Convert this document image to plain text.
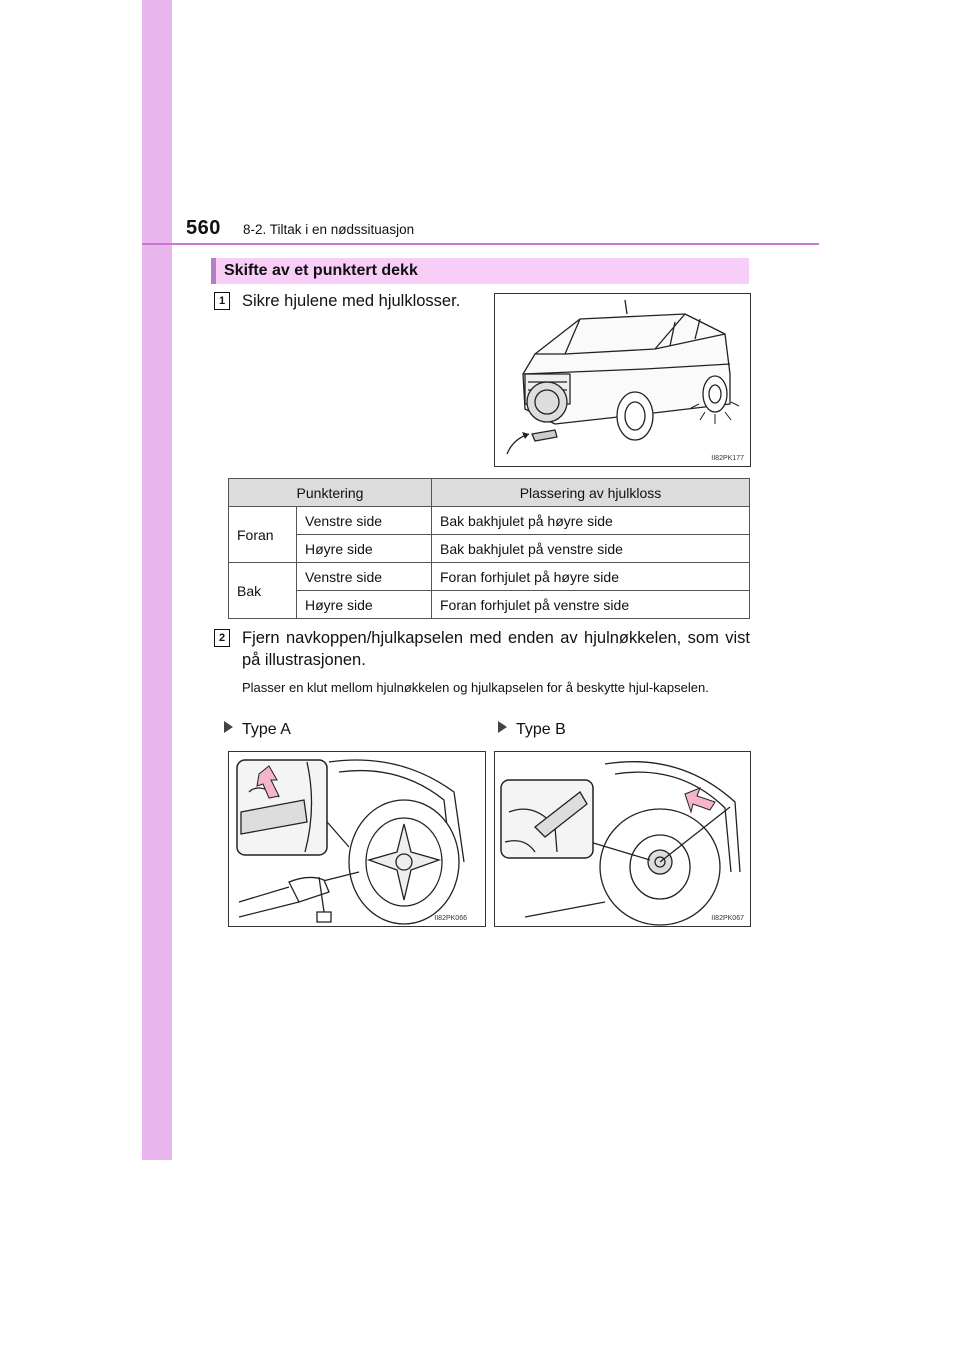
560 8-2. Tiltak i en nødssituasjon
Skifte av et punktert dekk
1 Sikre hjulene med hjulklosser.
II82PK177
Punktering		Plassering av hjulkloss
Foran	Venstre side	Bak bakhjulet på høyre side
	Høyre side	Bak bakhjulet på venstre side
Bak	Venstre side	Foran forhjulet på høyre side
	Høyre side	Foran forhjulet på venstre side
2 Fjern navkoppen/hjulkapselen med enden av hjulnøkkelen, som vist på illustrasjonen.
Plasser en klut mellom hjulnøkkelen og hjulkapselen for å beskytte hjul-kapselen.
Type A	Type B
II82PK066	II82PK067
